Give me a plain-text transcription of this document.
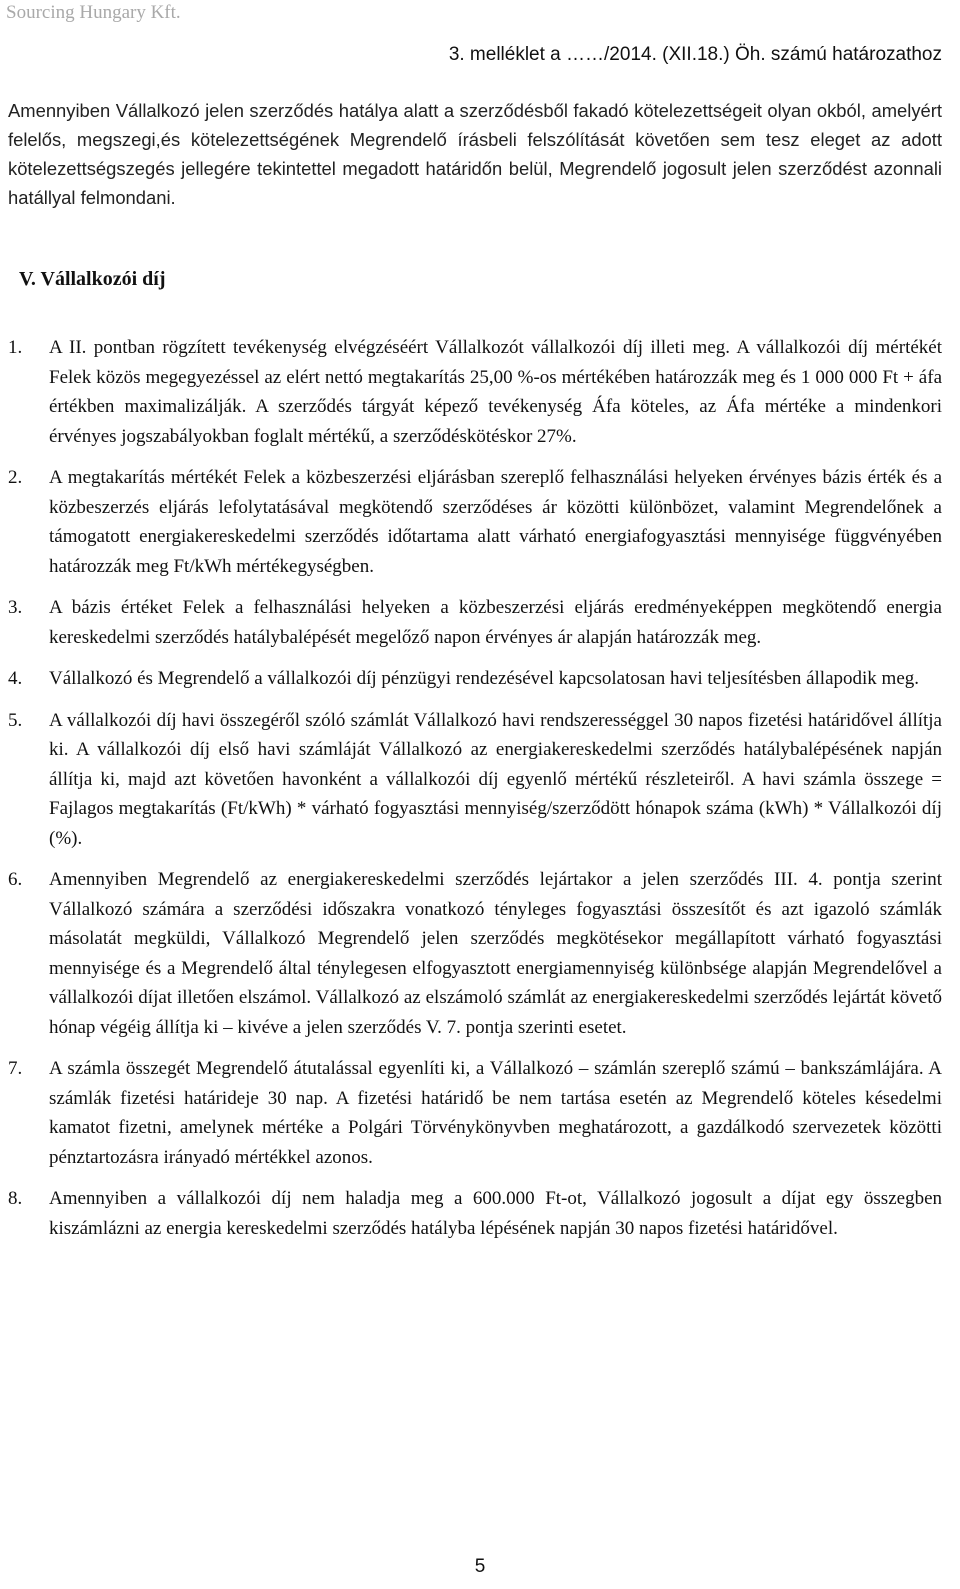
Sourcing Hungary Kft.
3. melléklet a ……/2014. (XII.18.) Öh. számú határozathoz

Amennyiben Vállalkozó jelen szerződés hatálya alatt a szerződésből fakadó kötelezettségeit olyan okból, amelyért felelős, megszegi,és kötelezettségének Megrendelő írásbeli felszólítását követően sem tesz eleget az adott kötelezettségszegés jellegére tekintettel megadott határidőn belül, Megrendelő jogosult jelen szerződést azonnali hatállyal felmondani.

V. Vállalkozói díj
1.	A II. pontban rögzített tevékenység elvégzéséért Vállalkozót vállalkozói díj illeti meg. A vállalkozói díj mértékét Felek közös megegyezéssel az elért nettó megtakarítás 25,00 %-os mértékében határozzák meg és 1 000 000 Ft + áfa értékben maximalizálják. A szerződés tárgyát képező tevékenység Áfa köteles, az Áfa mértéke a mindenkori érvényes jogszabályokban foglalt mértékű, a szerződéskötéskor 27%.
2.	A megtakarítás mértékét Felek a közbeszerzési eljárásban szereplő felhasználási helyeken érvényes bázis érték és a közbeszerzés eljárás lefolytatásával megkötendő szerződéses ár közötti különbözet, valamint Megrendelőnek a támogatott energiakereskedelmi szerződés időtartama alatt várható energiafogyasztási mennyisége függvényében határozzák meg Ft/kWh mértékegységben.
3.	A bázis értéket Felek a felhasználási helyeken a közbeszerzési eljárás eredményeképpen megkötendő energia kereskedelmi szerződés hatálybalépését megelőző napon érvényes ár alapján határozzák meg.
4.	Vállalkozó és Megrendelő a vállalkozói díj pénzügyi rendezésével kapcsolatosan havi teljesítésben állapodik meg.
5.	A vállalkozói díj havi összegéről szóló számlát Vállalkozó havi rendszerességgel 30 napos fizetési határidővel állítja ki. A vállalkozói díj első havi számláját Vállalkozó az energiakereskedelmi szerződés hatálybalépésének napján állítja ki, majd azt követően havonként a vállalkozói díj egyenlő mértékű részleteiről. A havi számla összege = Fajlagos megtakarítás (Ft/kWh) * várható fogyasztási mennyiség/szerződött hónapok száma (kWh) * Vállalkozói díj (%).
6.	Amennyiben Megrendelő az energiakereskedelmi szerződés lejártakor a jelen szerződés III. 4. pontja szerint Vállalkozó számára a szerződési időszakra vonatkozó tényleges fogyasztási összesítőt és azt igazoló számlák másolatát megküldi, Vállalkozó Megrendelő jelen szerződés megkötésekor megállapított várható fogyasztási mennyisége és a Megrendelő által ténylegesen elfogyasztott energiamennyiség különbsége alapján Megrendelővel a vállalkozói díjat illetően elszámol. Vállalkozó az elszámoló számlát az energiakereskedelmi szerződés lejártát követő hónap végéig állítja ki – kivéve a jelen szerződés V. 7. pontja szerinti esetet.
7.	A számla összegét Megrendelő átutalással egyenlíti ki, a Vállalkozó – számlán szereplő számú – bankszámlájára. A számlák fizetési határideje 30 nap. A fizetési határidő be nem tartása esetén az Megrendelő köteles késedelmi kamatot fizetni, amelynek mértéke a Polgári Törvénykönyvben meghatározott, a gazdálkodó szervezetek közötti pénztartozásra irányadó mértékkel azonos.
8.	Amennyiben a vállalkozói díj nem haladja meg a 600.000 Ft-ot, Vállalkozó jogosult a díjat egy összegben kiszámlázni az energia kereskedelmi szerződés hatályba lépésének napján 30 napos fizetési határidővel.
5
